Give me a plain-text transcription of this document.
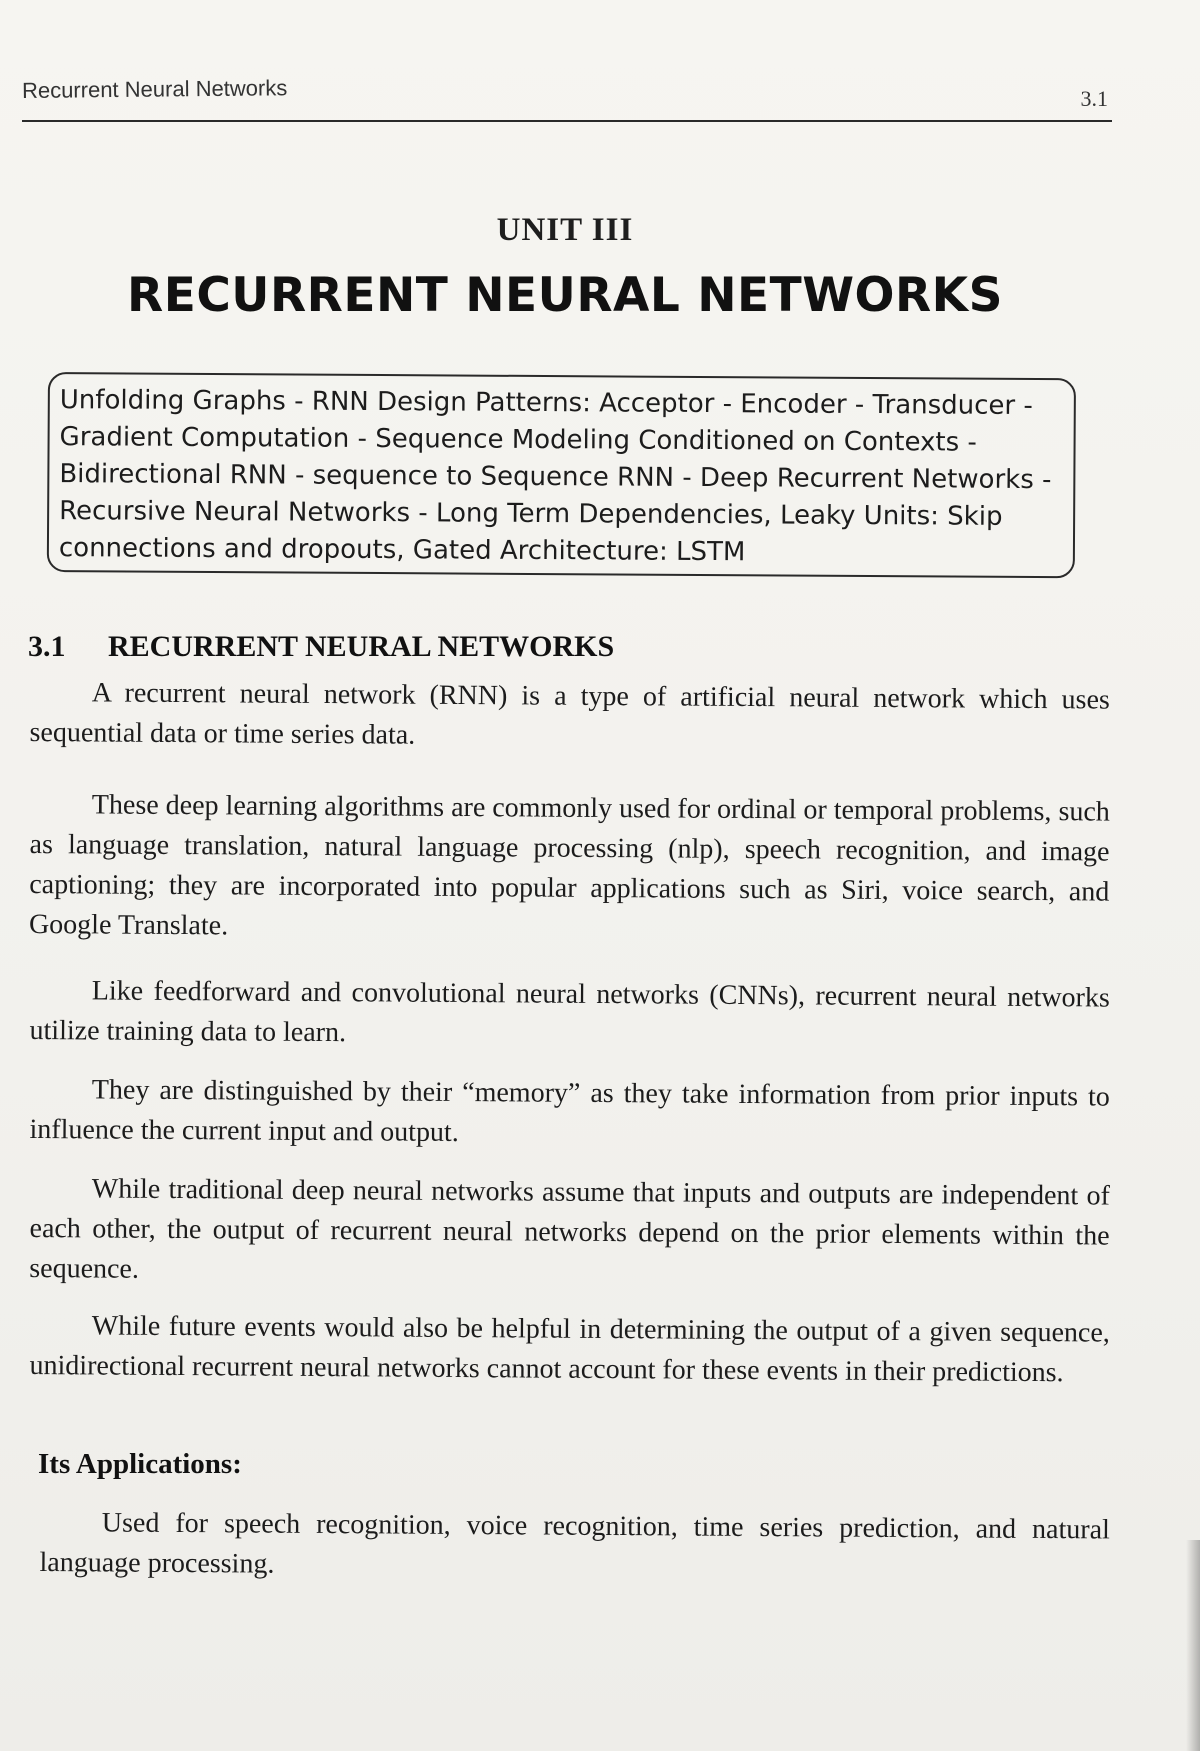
Recurrent Neural Networks	3.1
UNIT III
RECURRENT NEURAL NETWORKS
Unfolding Graphs - RNN Design Patterns: Acceptor - Encoder - Transducer -
Gradient Computation - Sequence Modeling Conditioned on Contexts -
Bidirectional RNN - sequence to Sequence RNN - Deep Recurrent Networks -
Recursive Neural Networks - Long Term Dependencies, Leaky Units: Skip
connections and dropouts, Gated Architecture: LSTM
3.1 RECURRENT NEURAL NETWORKS

A recurrent neural network (RNN) is a type of artificial neural network which uses sequential data or time series data.

These deep learning algorithms are commonly used for ordinal or temporal problems, such as language translation, natural language processing (nlp), speech recognition, and image captioning; they are incorporated into popular applications such as Siri, voice search, and Google Translate.

Like feedforward and convolutional neural networks (CNNs), recurrent neural networks utilize training data to learn.

They are distinguished by their “memory” as they take information from prior inputs to influence the current input and output.

While traditional deep neural networks assume that inputs and outputs are independent of each other, the output of recurrent neural networks depend on the prior elements within the sequence.

While future events would also be helpful in determining the output of a given sequence, unidirectional recurrent neural networks cannot account for these events in their predictions.

Its Applications:

Used for speech recognition, voice recognition, time series prediction, and natural language processing.
